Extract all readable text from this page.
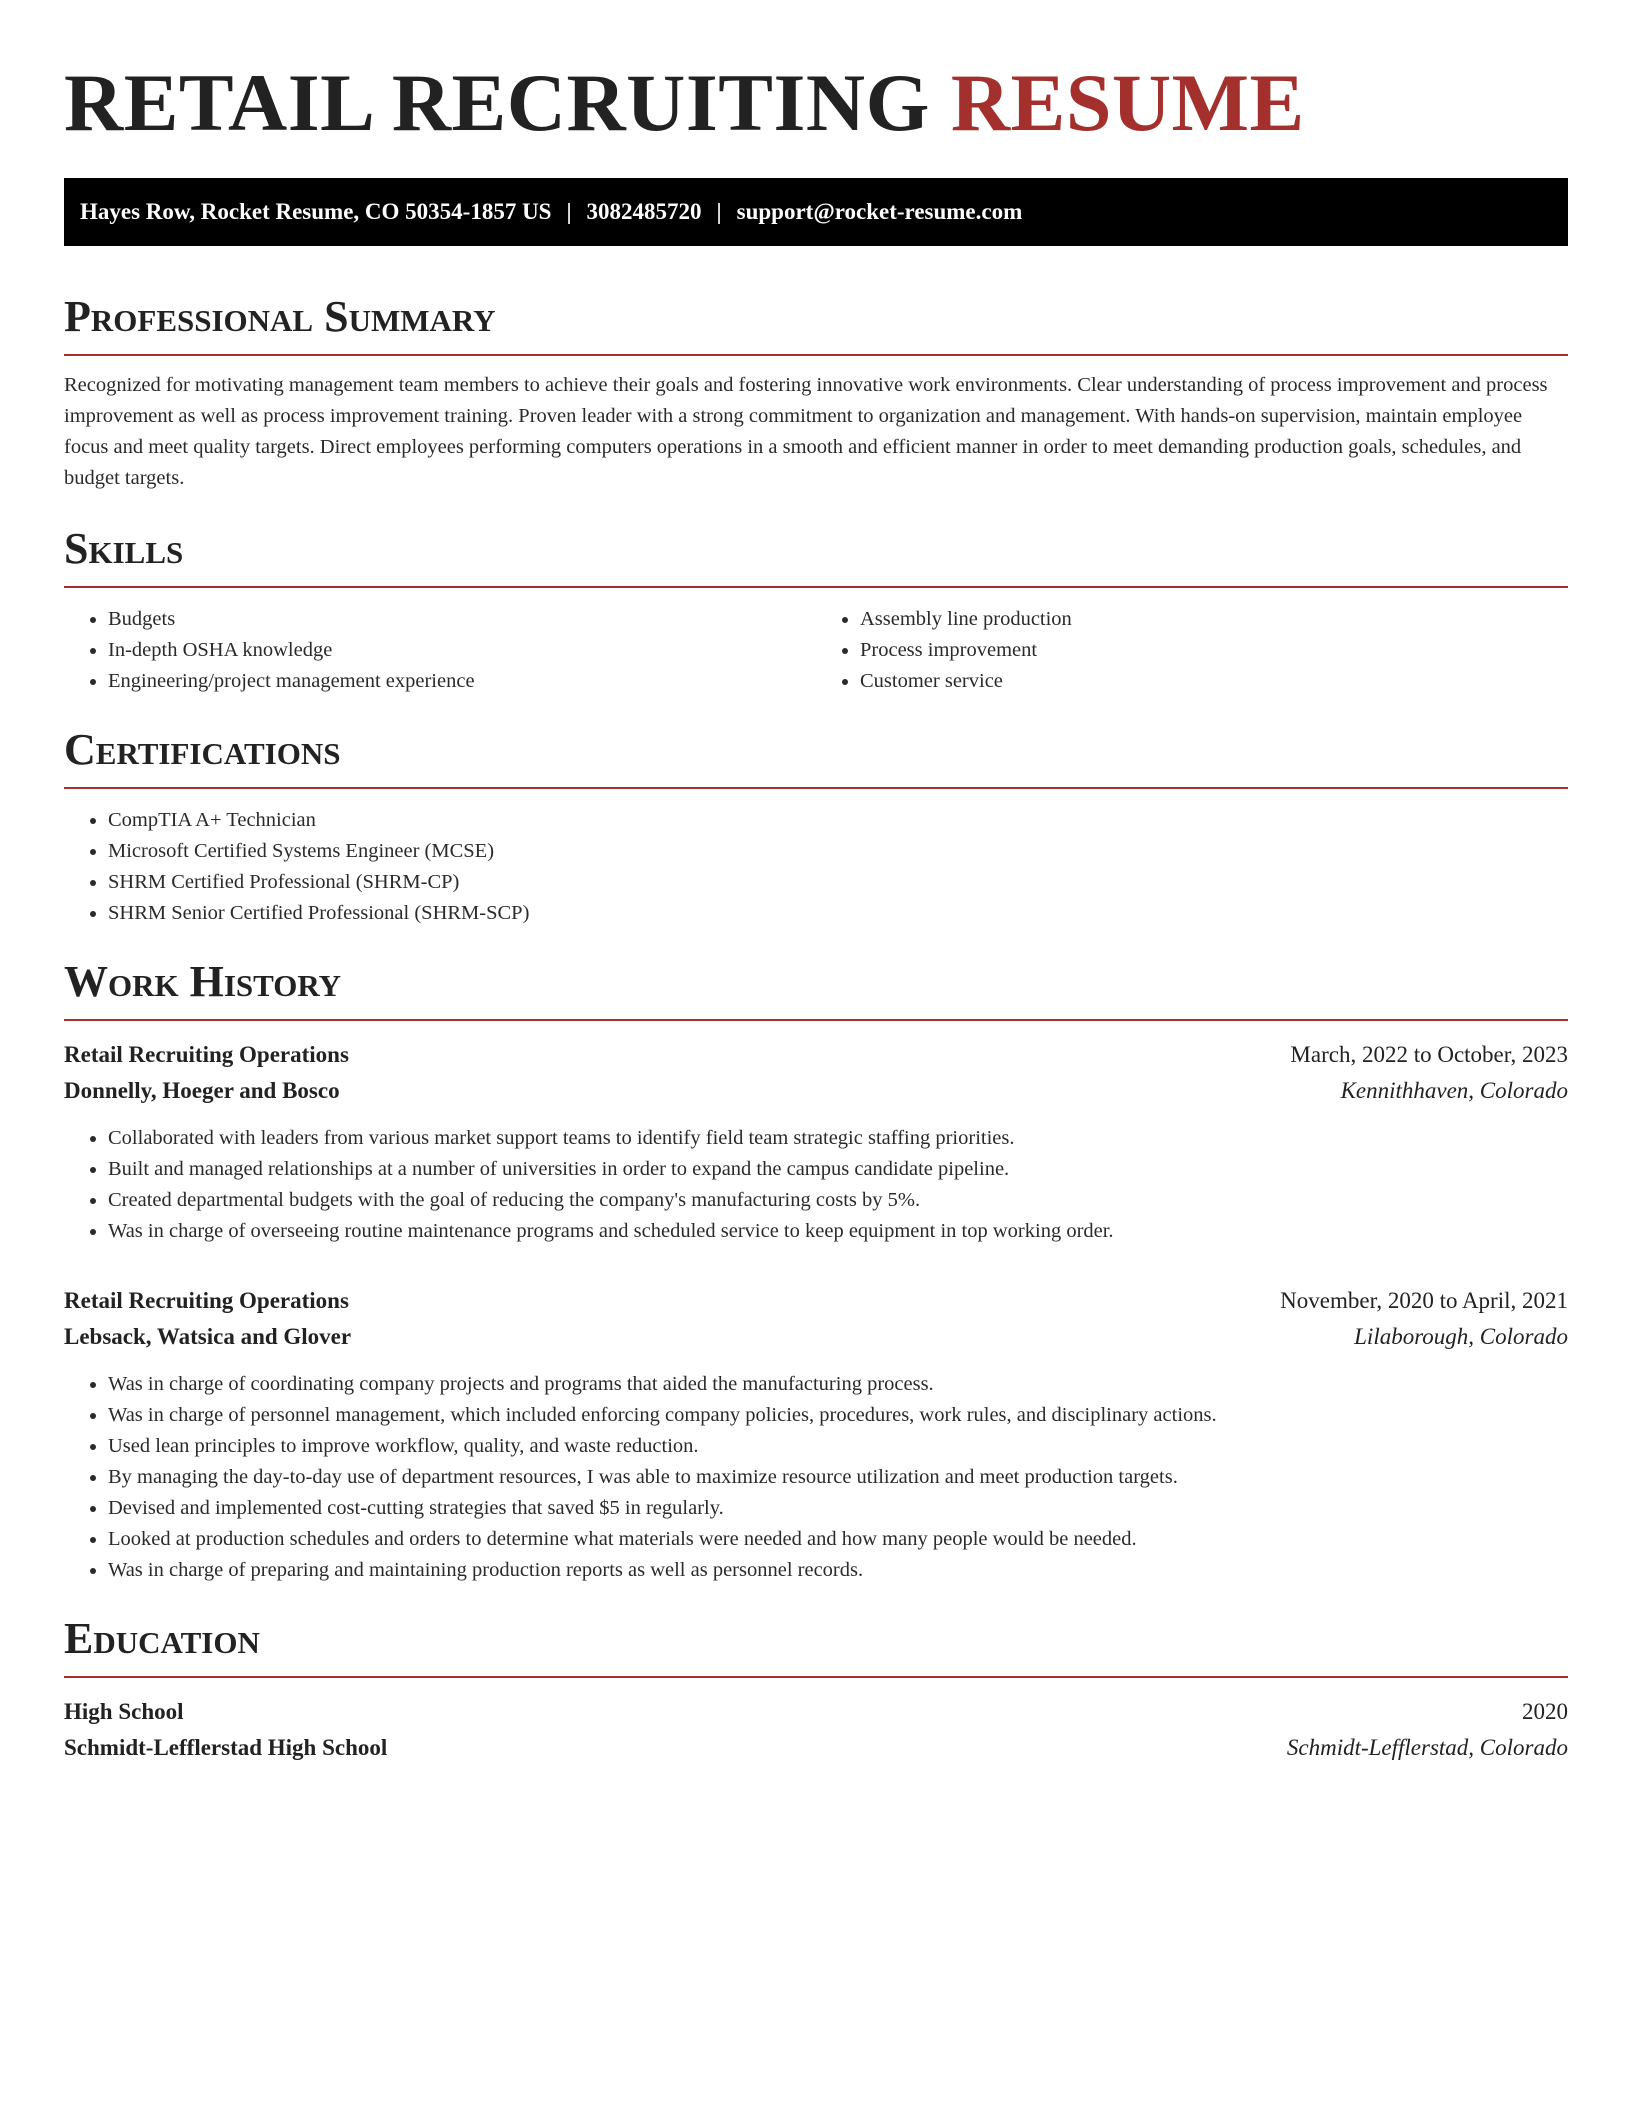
RETAIL RECRUITING RESUME
Hayes Row, Rocket Resume, CO 50354-1857 US | 3082485720 | support@rocket-resume.com
Professional Summary

Recognized for motivating management team members to achieve their goals and fostering innovative work environments. Clear understanding of process improvement and process improvement as well as process improvement training. Proven leader with a strong commitment to organization and management. With hands-on supervision, maintain employee focus and meet quality targets. Direct employees performing computers operations in a smooth and efficient manner in order to meet demanding production goals, schedules, and budget targets.

Skills
• Budgets
• In-depth OSHA knowledge
• Engineering/project management experience
• Assembly line production
• Process improvement
• Customer service
Certifications
• CompTIA A+ Technician
• Microsoft Certified Systems Engineer (MCSE)
• SHRM Certified Professional (SHRM-CP)
• SHRM Senior Certified Professional (SHRM-SCP)
Work History
Retail Recruiting Operations	March, 2022 to October, 2023
Donnelly, Hoeger and Bosco	Kennithhaven, Colorado
• Collaborated with leaders from various market support teams to identify field team strategic staffing priorities.
• Built and managed relationships at a number of universities in order to expand the campus candidate pipeline.
• Created departmental budgets with the goal of reducing the company's manufacturing costs by 5%.
• Was in charge of overseeing routine maintenance programs and scheduled service to keep equipment in top working order.
Retail Recruiting Operations	November, 2020 to April, 2021
Lebsack, Watsica and Glover	Lilaborough, Colorado
• Was in charge of coordinating company projects and programs that aided the manufacturing process.
• Was in charge of personnel management, which included enforcing company policies, procedures, work rules, and disciplinary actions.
• Used lean principles to improve workflow, quality, and waste reduction.
• By managing the day-to-day use of department resources, I was able to maximize resource utilization and meet production targets.
• Devised and implemented cost-cutting strategies that saved $5 in regularly.
• Looked at production schedules and orders to determine what materials were needed and how many people would be needed.
• Was in charge of preparing and maintaining production reports as well as personnel records.
Education
High School	2020
Schmidt-Lefflerstad High School	Schmidt-Lefflerstad, Colorado
